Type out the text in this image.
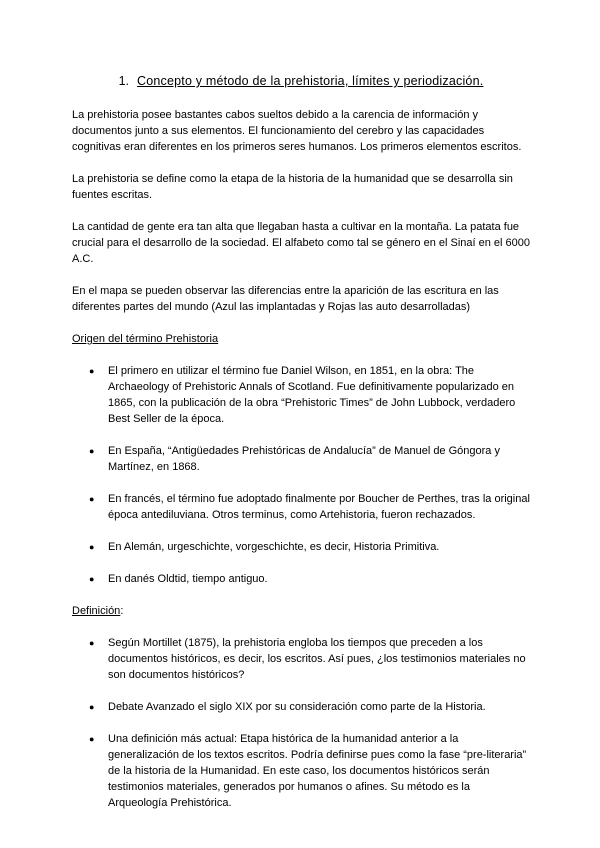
1. Concepto y método de la prehistoria, límites y periodización.

La prehistoria posee bastantes cabos sueltos debido a la carencia de información y documentos junto a sus elementos. El funcionamiento del cerebro y las capacidades cognitivas eran diferentes en los primeros seres humanos. Los primeros elementos escritos.

La prehistoria se define como la etapa de la historia de la humanidad que se desarrolla sin fuentes escritas.

La cantidad de gente era tan alta que llegaban hasta a cultivar en la montaña. La patata fue crucial para el desarrollo de la sociedad. El alfabeto como tal se género en el Sinaí en el 6000 A.C.

En el mapa se pueden observar las diferencias entre la aparición de las escritura en las diferentes partes del mundo (Azul las implantadas y Rojas las auto desarrolladas)

Origen del término Prehistoria
● El primero en utilizar el término fue Daniel Wilson, en 1851, en la obra: The Archaeology of Prehistoric Annals of Scotland. Fue definitivamente popularizado en 1865, con la publicación de la obra “Prehistoric Times” de John Lubbock, verdadero Best Seller de la época.
● En España, “Antigüedades Prehistóricas de Andalucía” de Manuel de Góngora y Martínez, en 1868.
● En francés, el término fue adoptado finalmente por Boucher de Perthes, tras la original época antediluviana. Otros terminus, como Artehistoria, fueron rechazados.
● En Alemán, urgeschichte, vorgeschichte, es decir, Historia Primitiva.
● En danés Oldtid, tiempo antiguo.
Definición:
● Según Mortillet (1875), la prehistoria engloba los tiempos que preceden a los documentos históricos, es decir, los escritos. Así pues, ¿los testimonios materiales no son documentos históricos?
● Debate Avanzado el siglo XIX por su consideración como parte de la Historia.
● Una definición más actual: Etapa histórica de la humanidad anterior a la generalización de los textos escritos. Podría definirse pues como la fase “pre-literaria” de la historia de la Humanidad. En este caso, los documentos históricos serán testimonios materiales, generados por humanos o afines. Su método es la Arqueología Prehistórica.
